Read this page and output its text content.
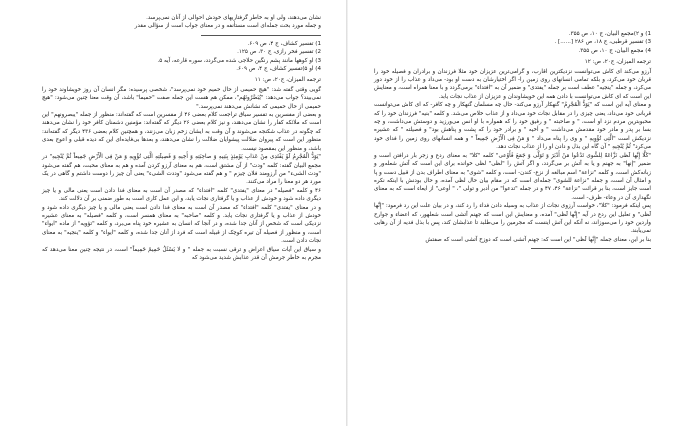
نشان می‌دهند، ولی او به خاطر گرفتاریهای خودش احوالی از آنان نمی‌پرسد.
و جمله مورد بحث جمله‌ای است مستأنفه و در معنای جواب است از سؤالی مقدر
1) تفسیر کشاف، ج ۴، ص ۶۰۹.
2) تفسیر فخر رازی، ج ۳۰، ص ۱۲۵.
3) او کوهها مانند پشم رنگین حلاجی شده می‌گردد، سوره قارعه، آیه ۵.
4) او ۵)تفسیر کشاف، ج ۴، ص ۶۰۹.
ترجمه المیزان، ج۲۰، ص: ۱۱
گویی وقتی گفته شد: "هیچ حمیمی از حال حمیم خود نمی‌پرسد"، شخصی پرسیده: مگر انسان آن روز خویشاوند خود را نمی‌بیند؟ جواب می‌دهد: "یُبَصَّرُونَهُم"، ممکن هم هست این جمله صفت "حمیما" باشد، آن وقت معنا چنین می‌شود: "هیچ حمیمی از حال حمیمی که نشانش می‌دهند نمی‌پرسد."
و بعضی از مفسرین به تفسیر سیاق تراجعت کلام بعضی ۴۶ از مفسرین است که گفته‌اند: منظور از جمله "یبصرونهم" این است که ملائکه کفار را نشان می‌دهند، و نیز کلام بعضی ۲۶ دیگر که گفته‌اند: مؤمنین دشمنان کافر خود را نشان می‌دهند که چگونه در عذاب شکنجه می‌شوند و آن وقت به ایشان زخم زبان می‌زنند، و همچنین کلام بعضی ۴۳۶ دیگر که گفته‌اند: منظور این است که پیروان ضلالت پیشوایان ضلالت را نشان می‌دهند، و بعدها بی‌فایده‌ای این که دیده قبلی و اعوج بعدی باشد، و منظور این بمقصود نیست.
"یَوَدُّ الْمُجْرِمُ لَوْ یَفْتَدِی مِنْ عَذابِ یَوْمِئِذٍ بِبَنِیهِ وَ صاحِبَتِهِ وَ أَخِیهِ وَ فَصِیلَتِهِ الَّتِی تُؤْوِیهِ وَ مَنْ فِی الْأَرْضِ جَمِیعاً ثُمَّ یُنْجِیهِ" در مجمع البیان گفته: کلمه "ودت" از آن مشتق است، هم به معنای آرزو کردن آمده و هم به معنای محبت، هم گفته می‌شود "ودت الشی‌ء" من آرزومند فلان چیزم " و هم گفته می‌شود "وددت الشی‌ء" یعنی آن چیز را دوست داشتم و گاهی در یک مورد هر دو معنا را مراد می‌کنند.
۴۶ و کلمه "فصیله" در معنای "یفتدی" کلمه "افتداء" که مصدر آن است به معنای فدا دادن است یعنی مالی و یا چیز دیگری داده شود و خودش از عذاب و یا گرفتاری نجات یابد، و این عمل کاری است به طور ضمنی بر آن دلالت کند.
و در معنای "یفتدی" کلمه "افتداء" که مصدر آن است به معنای فدا دادن است یعنی مالی و یا چیز دیگری داده شود و خودش از عذاب و یا گرفتاری نجات یابد. و کلمه "صاحبه" به معنای همسر است، و کلمه "فصیله" به معنای عشیره نزدیکی است که شخص از آنان جدا شده، و در آنجا که انسان به عشیره خود پناه می‌برد، و کلمه "تؤویه" از ماده "ایواء" است، و منظور از فصیله آن تیره کوچک از قبیله است که فرد از آنان جدا شده، و کلمه "ایواء" و کلمه "ینجیه" به معنای نجات دادن است.
و سیاق این آیات سیاق اعراض و ترقی نسبت به جمله " و لا یَسْئَلُ حَمِیمٌ حَمِیماً" است، در نتیجه چنین معنا می‌دهد که مجرم به خاطر جرمش آن قدر عذابش شدید می‌شود که
1) و ۲)مجمع البیان، ج ۱۰، ص ۳۵۵.
3) تفسیر قرطبی، ج ۱۸، ص ۲۸۶ [......] .
4) مجمع البیان، ج ۱۰، ص ۳۵۵.
ترجمه المیزان، ج۲۰، ص: ۱۲
آرزو می‌کند ای کاش می‌توانست نزدیکترین اقارب، و گرامی‌ترین عزیزان خود مثلا فرزندان و برادران و فصیله خود را قربان خود می‌کرد، و بلکه تمامی انسانهای روی زمین را- اگر اختیارشان به دست او بود- می‌داد و عذاب را از خود دور می‌کرد، و جمله "ینجیه" عطف است بر جمله "یفتدی" و ضمیر آن به "افتداء" برمی‌گردد و با معنا همراه است، و معنایش این است که ای کاش می‌توانست با دادن همه این خویشاوندان و عزیزان از عذاب نجات یابد.
و معنای آیه این است که "یَوَدُّ الْمُجْرِمُ" گنهکار آرزو می‌کند- حال چه مسلمان گنهکار و چه کافر- که ای کاش می‌توانست قربانی خود می‌داد، یعنی چیزی را در مقابل نجات خود می‌داد و از عذاب خلاص می‌شد. و کلمه "بنیه" فرزندان خود را که محبوبترین مردم نزد او است، " و صاحبته " و رفیق خود را که همواره با او انس می‌ورزید و دوستش می‌داشت، و چه بسا بر پدر و مادر خود مقدمش می‌داشت " و أخیه " و برادر خود را که پشت و پناهش بود" و فصیلته " که عشیره نزدیکش است "الَّتِی تُؤْوِیهِ " و وی را پناه می‌داد " وَ مَنْ فِی الْأَرْضِ جَمِیعاً " و همه انسانهای روی زمین را فدای خود می‌کرد" ثُمَّ یُنْجِیهِ " آن گاه این بذل و دادن او را از عذاب نجات دهد.
"کَلَّا إِنَّها لَظی نَزَّاعَةً لِلشَّوی تَدْعُوا مَنْ أَدْبَرَ وَ تَوَلَّی وَ جَمَعَ فَأَوْعی" کلمه "کلا" به معنای ردع و زجر بار درافتن است و ضمیر "إنها" به جهنم و یا به آتش بر می‌گردد، و اگر آتش را "لظی" لظی خوانده برای این است که آتش شعله‌ور و زبانه‌کش است، و کلمه "نزاعة" اسم مبالغه از نزع- کندن- است، و کلمه "شوی" به معنای اطراف بدن از قبیل دست و پا و امثال آن است، و جمله "نزاعة للشوی" جمله‌ای است که در مقام بیان حال لظی آمده، و حال بودنش با اینکه نکره است جایز است، بنا بر قرائت "نزاعة" ۴۶، ۴۷ و در جمله "تدعوا" من أدبر و تولی "، " أوعی" از ایعاء است که به معنای نگهداری آن در وعاء- ظرف- است.
پس اینکه فرمود: "کلا"، خواست آرزوی نجات از عذاب به وسیله دادن فداء را رد کند، و در بیان علت این رد فرمود: "إِنَّها لَظی" و تعلیل این ردع در آیه "إِنَّها لَظی" آمده، و معنایش این است که جهنم آتشی است شعلهور، که اعضاء و جوارح واردین خود را می‌سوزاند، نه آنکه این آتش اینست که مجرمین را می‌طلبد تا عذابشان کند، پس با بذل فدیه از آن رهایی نمی‌یابند.
بنا بر این، معنای جمله "إِنَّها لَظی" این است که: جهنم آتشی است که دوزخ آتشی است که صفتش
